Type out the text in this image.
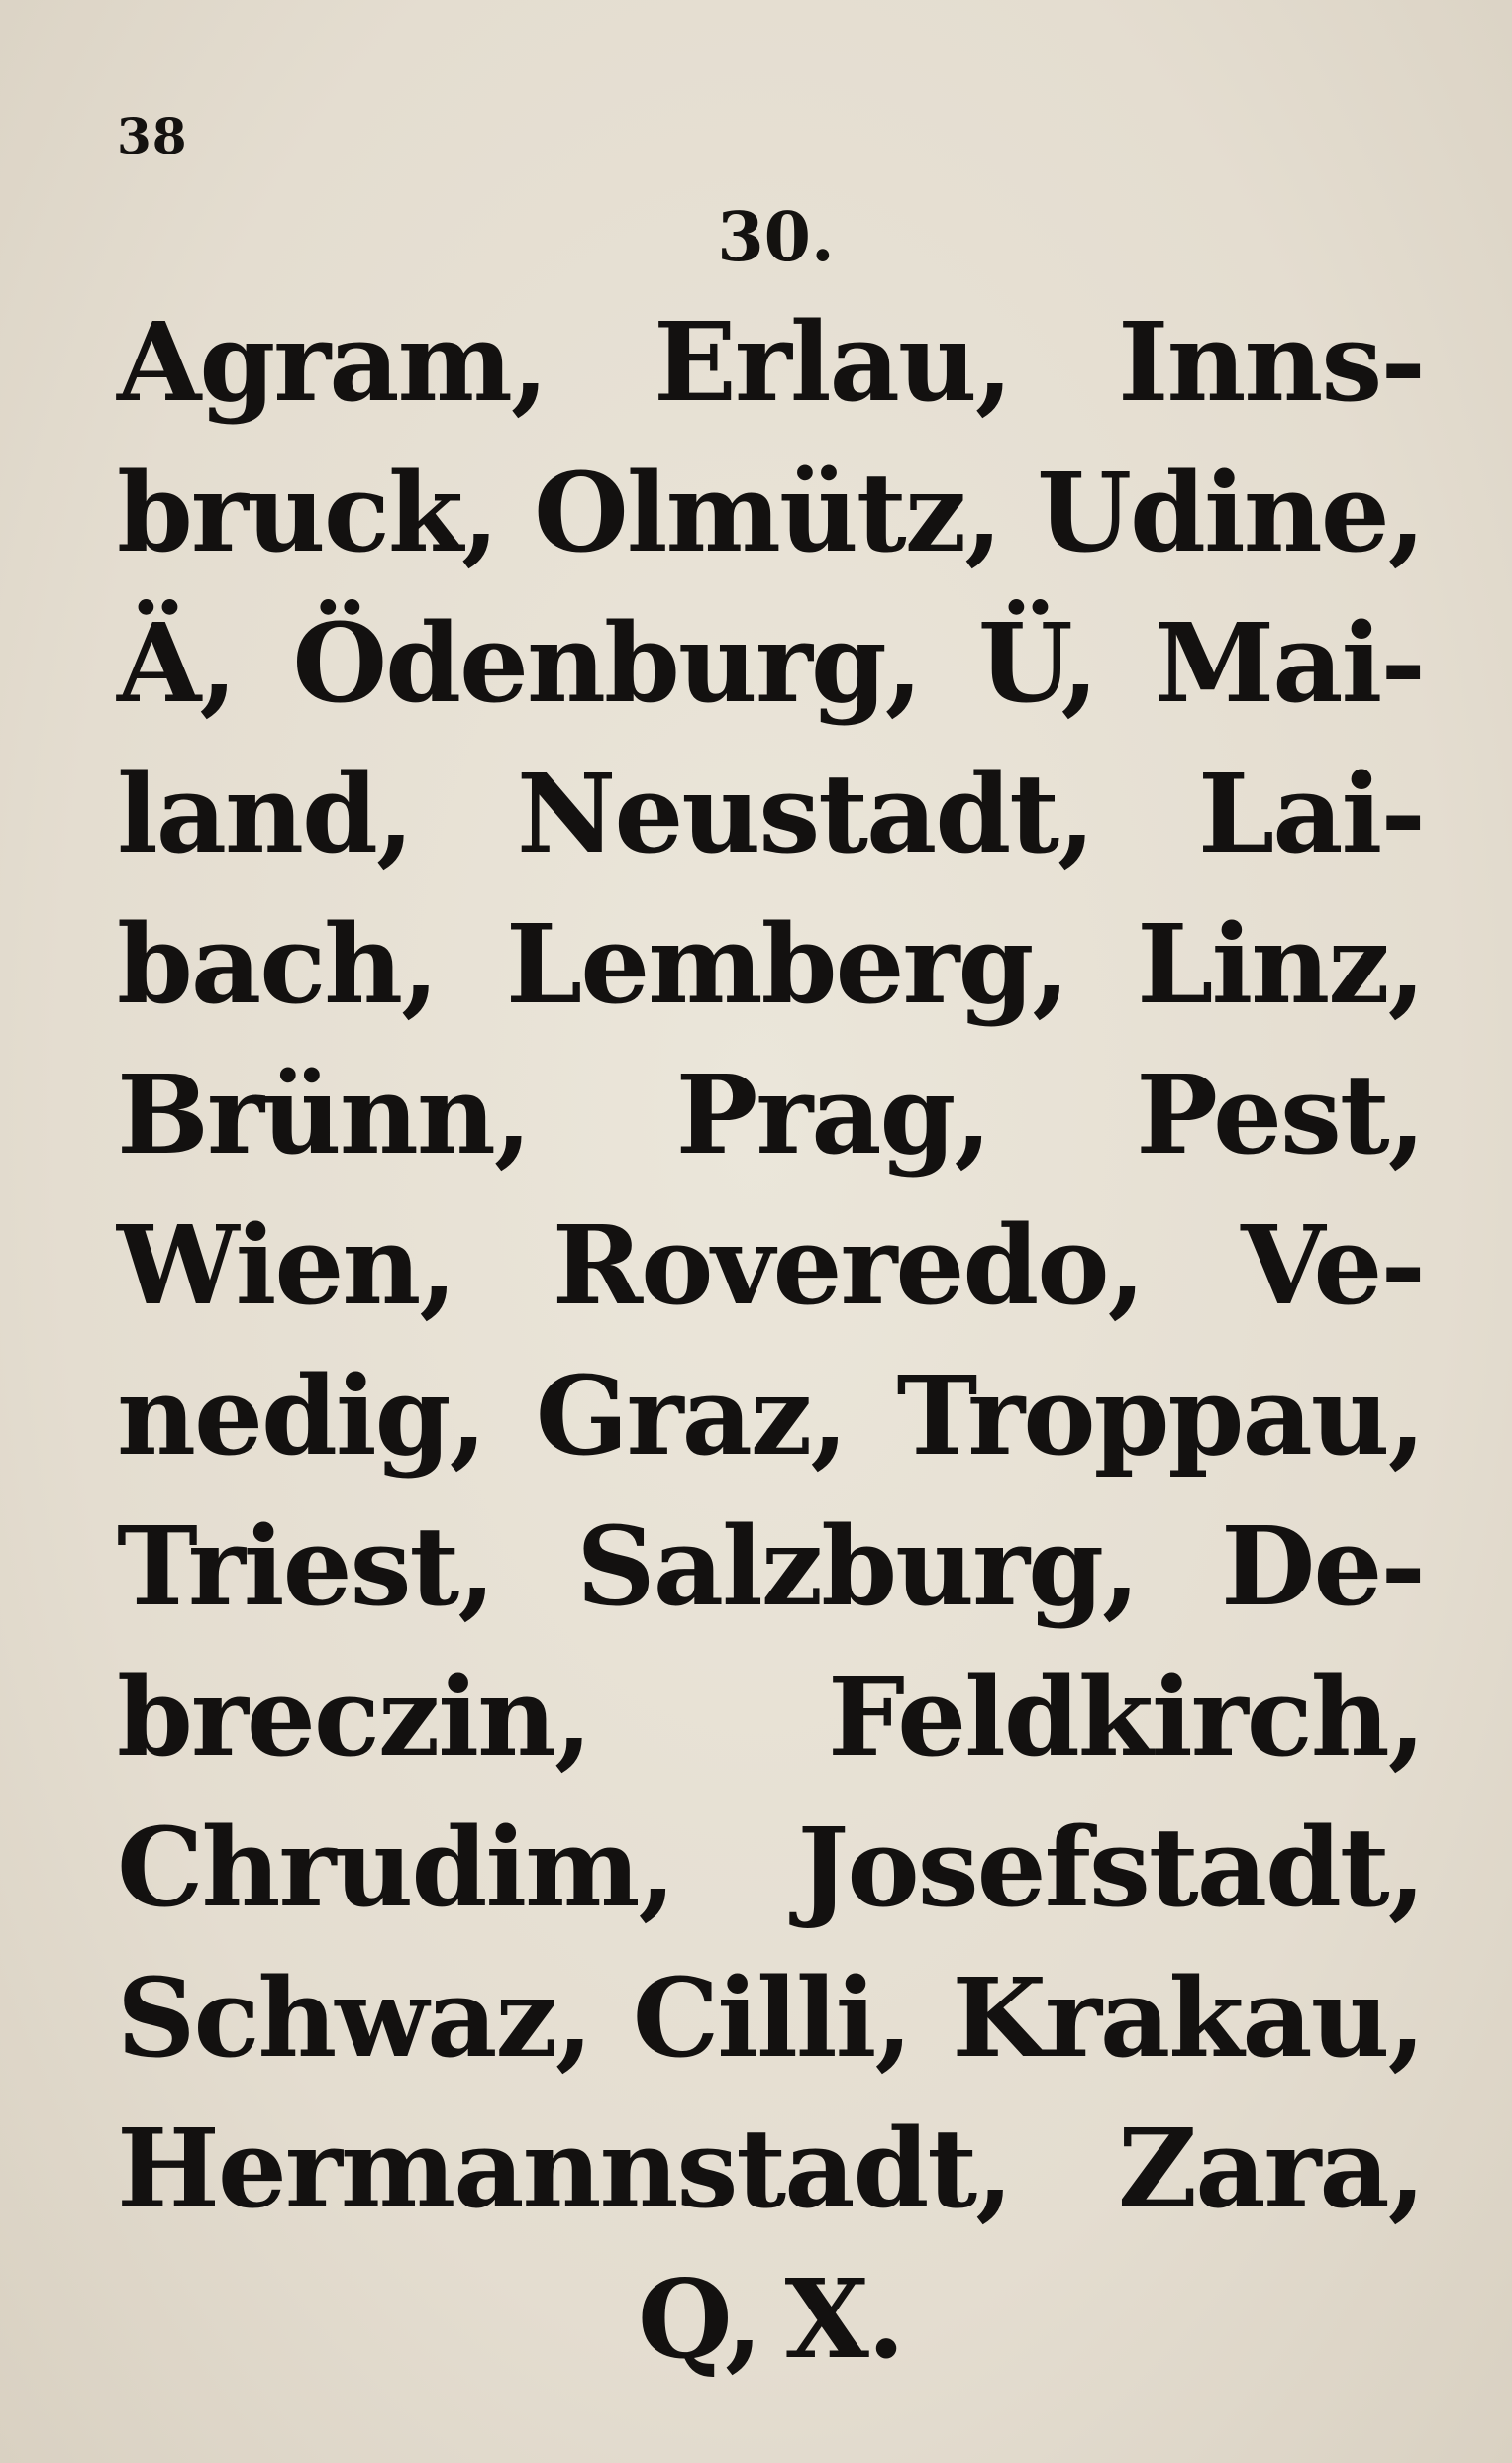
38
30.
Agram, Erlau, Inns-
bruck, Olmütz, Udine,
Ä, Ödenburg, Ü, Mai-
land, Neustadt, Lai-
bach, Lemberg, Linz,
Brünn, Prag, Pest,
Wien, Roveredo, Ve-
nedig, Graz, Troppau,
Triest, Salzburg, De-
breczin, Feldkirch,
Chrudim, Josefstadt,
Schwaz, Cilli, Krakau,
Hermannstadt, Zara,
Q, X.
